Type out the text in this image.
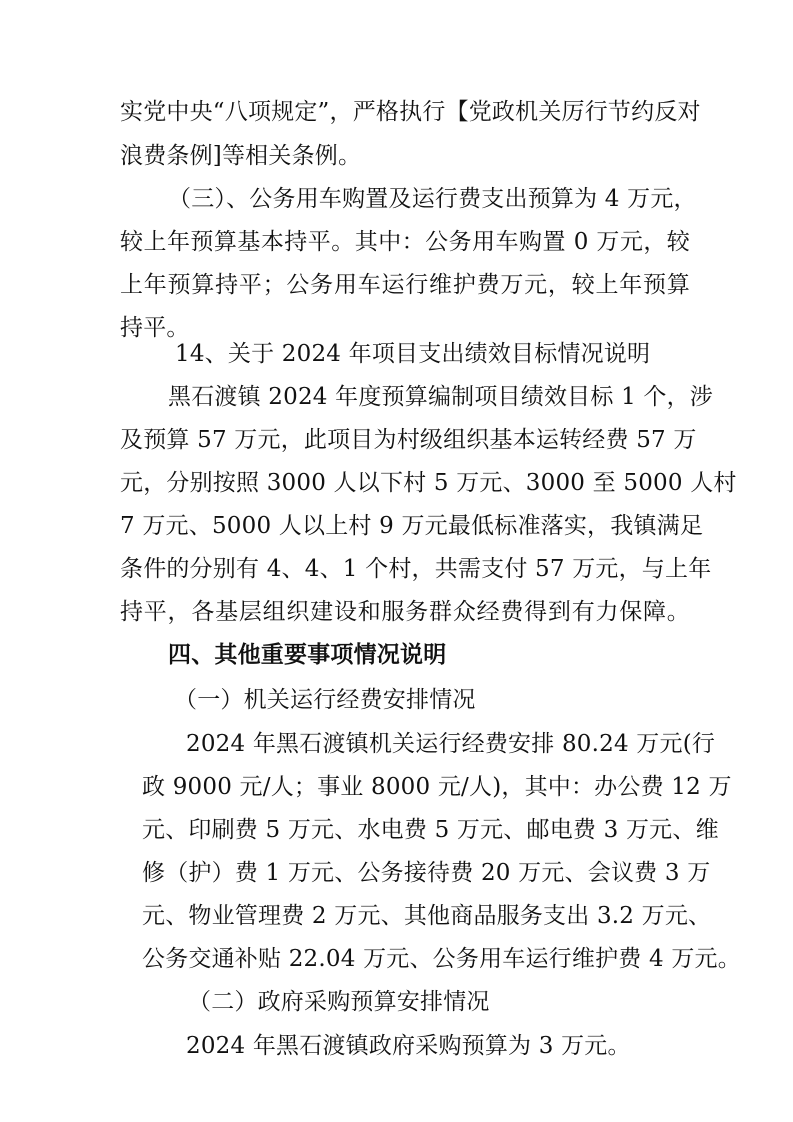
实党中央“八项规定”，严格执行【党政机关厉行节约反对
浪费条例]等相关条例。
（三）、公务用车购置及运行费支出预算为 4 万元，
较上年预算基本持平。其中：公务用车购置 0 万元，较
上年预算持平；公务用车运行维护费万元，较上年预算
持平。
14、关于 2024 年项目支出绩效目标情况说明
黑石渡镇 2024 年度预算编制项目绩效目标 1 个，涉
及预算 57 万元，此项目为村级组织基本运转经费 57 万
元，分别按照 3000 人以下村 5 万元、3000 至 5000 人村
7 万元、5000 人以上村 9 万元最低标准落实，我镇满足
条件的分别有 4、4、1 个村，共需支付 57 万元，与上年
持平，各基层组织建设和服务群众经费得到有力保障。
四、其他重要事项情况说明
（一）机关运行经费安排情况
2024 年黑石渡镇机关运行经费安排 80.24 万元(行
政 9000 元/人；事业 8000 元/人)，其中：办公费 12 万
元、印刷费 5 万元、水电费 5 万元、邮电费 3 万元、维
修（护）费 1 万元、公务接待费 20 万元、会议费 3 万
元、物业管理费 2 万元、其他商品服务支出 3.2 万元、
公务交通补贴 22.04 万元、公务用车运行维护费 4 万元。
（二）政府采购预算安排情况
2024 年黑石渡镇政府采购预算为 3 万元。
